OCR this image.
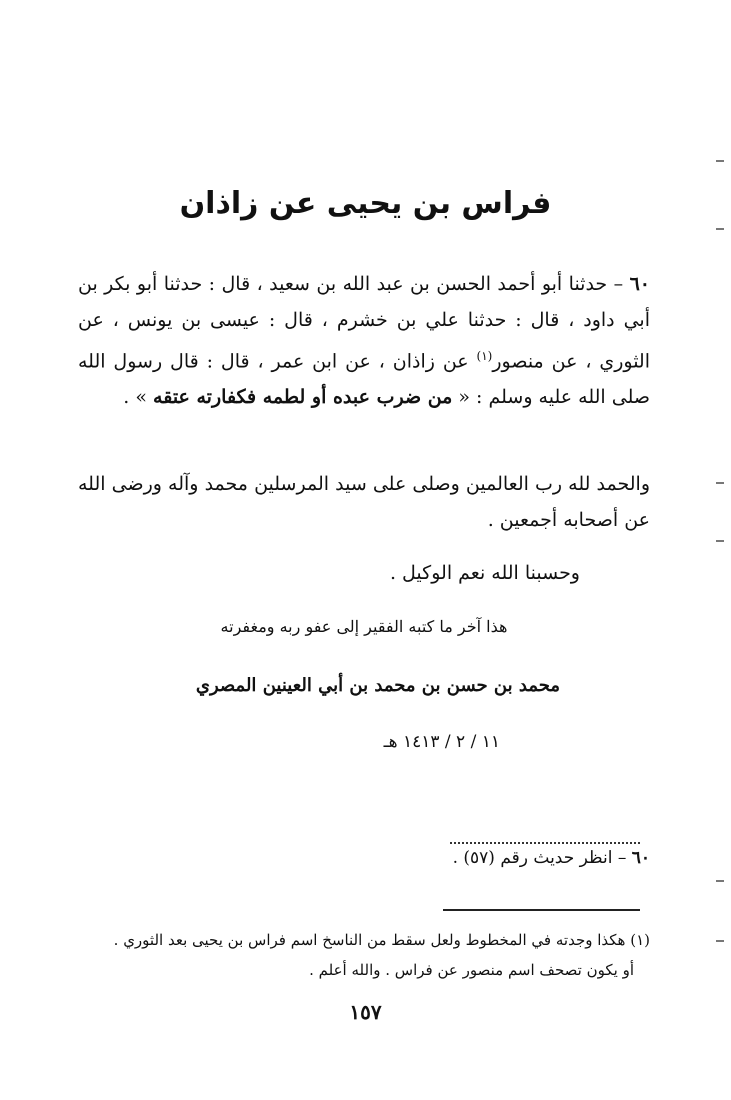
فراس بن يحيى عن زاذان
٦٠ – حدثنا أبو أحمد الحسن بن عبد الله بن سعيد ، قال : حدثنا أبو بكر بن أبي داود ، قال : حدثنا علي بن خشرم ، قال : عيسى بن يونس ، عن الثوري ، عن منصور$^{(١)}$ عن زاذان ، عن ابن عمر ، قال : قال رسول الله صلى الله عليه وسلم : « من ضرب عبده أو لطمه فكفارته عتقه » .
والحمد لله رب العالمين وصلى على سيد المرسلين محمد وآله ورضى الله عن أصحابه أجمعين .
وحسبنا الله نعم الوكيل .
هذا آخر ما كتبه الفقير إلى عفو ربه ومغفرته
محمد بن حسن بن محمد بن أبي العينين المصري
١١ / ٢ / ١٤١٣ هـ
٦٠ – انظر حديث رقم (٥٧) .
(١) هكذا وجدته في المخطوط ولعل سقط من الناسخ اسم فراس بن يحيى بعد الثوري .
أو يكون تصحف اسم منصور عن فراس . والله أعلم .
١٥٧
